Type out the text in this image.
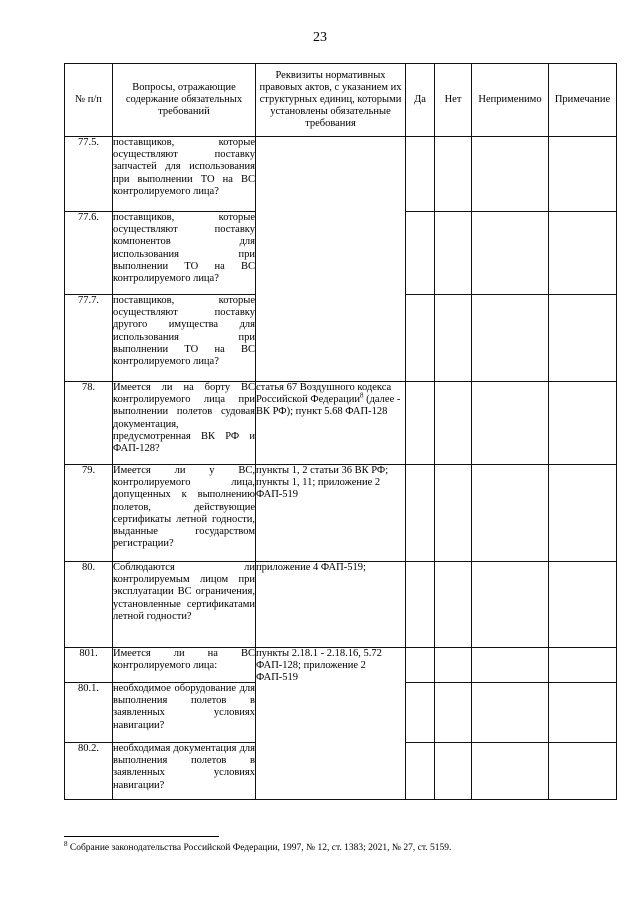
23
№ п/п	Вопросы, отражающие содержание обязательных требований	Реквизиты нормативных правовых актов, с указанием их структурных единиц, которыми установлены обязательные требования	Да	Нет	Неприменимо	Примечание
77.5.	поставщиков, которые осуществляют поставку запчастей для использования при выполнении ТО на ВС контролируемого лица?					
77.6.	поставщиков, которые осуществляют поставку компонентов для использования при выполнении ТО на ВС контролируемого лица?					
77.7.	поставщиков, которые осуществляют поставку другого имущества для использования при выполнении ТО на ВС контролируемого лица?					
78.	Имеется ли на борту ВС контролируемого лица при выполнении полетов судовая документация, предусмотренная ВК РФ и ФАП-128?	статья 67 Воздушного кодекса Российской Федерации$^8$ (далее - ВК РФ); пункт 5.68 ФАП-128				
79.	Имеется ли у ВС, контролируемого лица, допущенных к выполнению полетов, действующие сертификаты летной годности, выданные государством регистрации?	пункты 1, 2 статьи 36 ВК РФ; пункты 1, 11; приложение 2 ФАП-519				
80.	Соблюдаются ли контролируемым лицом при эксплуатации ВС ограничения, установленные сертификатами летной годности?	приложение 4 ФАП-519;				
801.	Имеется ли на ВС контролируемого лица:	пункты 2.18.1 - 2.18.16, 5.72 ФАП-128; приложение 2 ФАП-519				
80.1.	необходимое оборудование для выполнения полетов в заявленных условиях навигации?					
80.2.	необходимая документация для выполнения полетов в заявленных условиях навигации?					
$^8$ Собрание законодательства Российской Федерации, 1997, № 12, ст. 1383; 2021, № 27, ст. 5159.
